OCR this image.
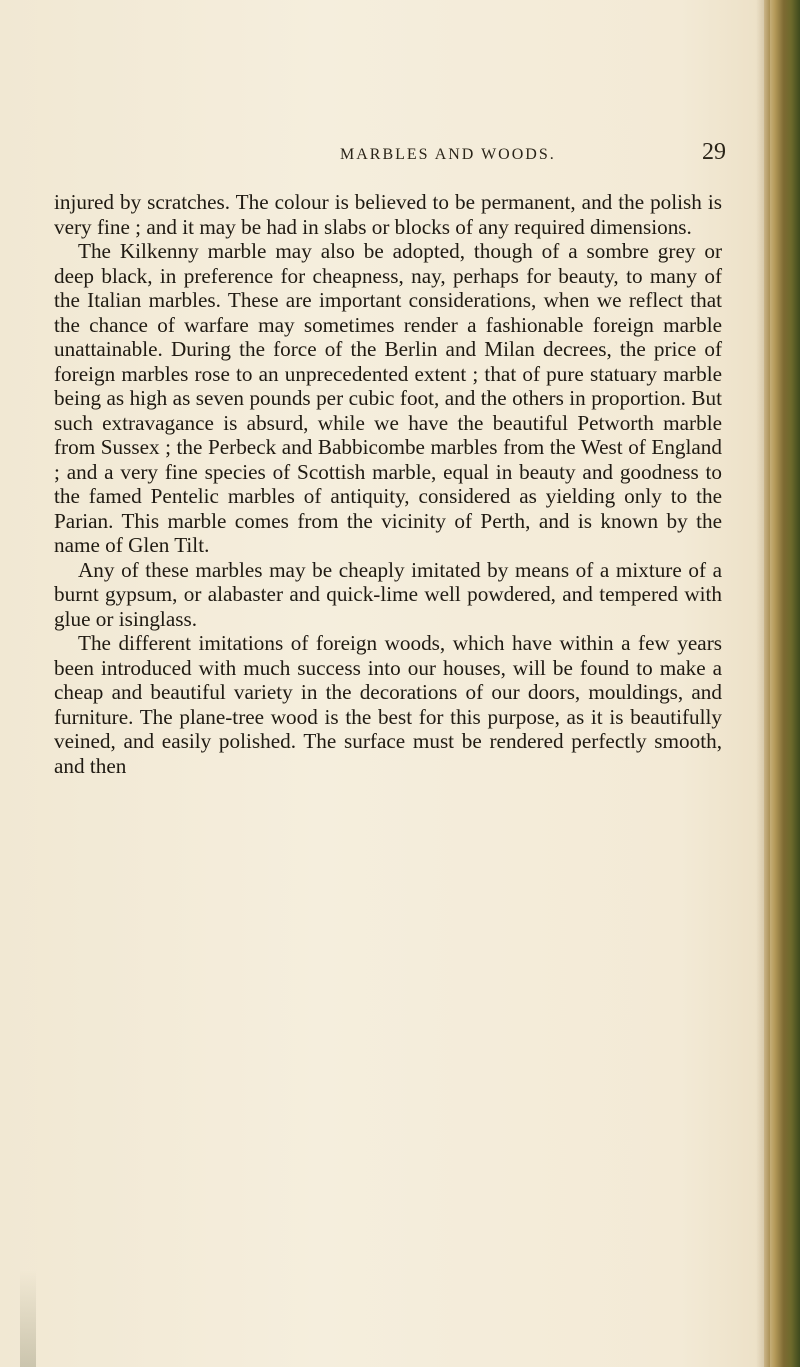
MARBLES AND WOODS.	29

injured by scratches. The colour is believed to be permanent, and the polish is very fine ; and it may be had in slabs or blocks of any required dimensions.

The Kilkenny marble may also be adopted, though of a sombre grey or deep black, in preference for cheapness, nay, perhaps for beauty, to many of the Italian marbles. These are important considerations, when we reflect that the chance of warfare may sometimes render a fashionable foreign marble unattainable. During the force of the Berlin and Milan decrees, the price of foreign marbles rose to an unprecedented extent ; that of pure statuary marble being as high as seven pounds per cubic foot, and the others in proportion. But such extravagance is absurd, while we have the beautiful Petworth marble from Sussex ; the Perbeck and Babbicombe marbles from the West of England ; and a very fine species of Scottish marble, equal in beauty and goodness to the famed Pentelic marbles of antiquity, considered as yielding only to the Parian. This marble comes from the vicinity of Perth, and is known by the name of Glen Tilt.

Any of these marbles may be cheaply imitated by means of a mixture of a burnt gypsum, or alabaster and quick-lime well powdered, and tempered with glue or isinglass.

The different imitations of foreign woods, which have within a few years been introduced with much success into our houses, will be found to make a cheap and beautiful variety in the decorations of our doors, mouldings, and furniture. The plane-tree wood is the best for this purpose, as it is beautifully veined, and easily polished. The surface must be rendered perfectly smooth, and then
